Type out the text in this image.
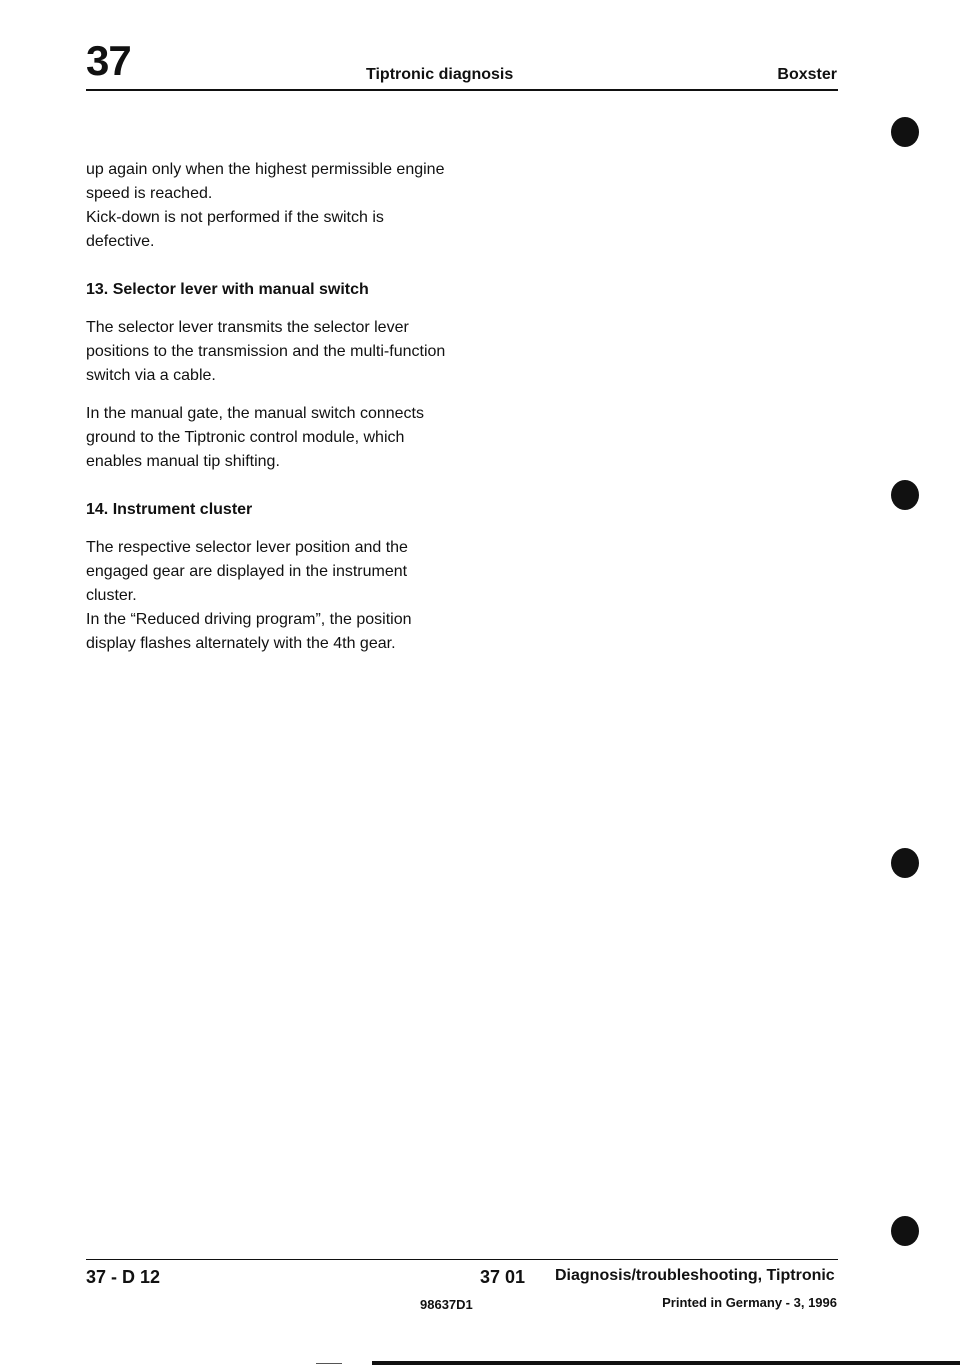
37	Tiptronic diagnosis	Boxster

up again only when the highest permissible engine speed is reached.

Kick-down is not performed if the switch is defective.

13. Selector lever with manual switch

The selector lever transmits the selector lever positions to the transmission and the multi-function switch via a cable.

In the manual gate, the manual switch connects ground to the Tiptronic control module, which enables manual tip shifting.

14. Instrument cluster

The respective selector lever position and the engaged gear are displayed in the instrument cluster.

In the “Reduced driving program”, the position display flashes alternately with the 4th gear.

37 - D 12	37 01 Diagnosis/troubleshooting, Tiptronic
98637D1	Printed in Germany - 3, 1996
